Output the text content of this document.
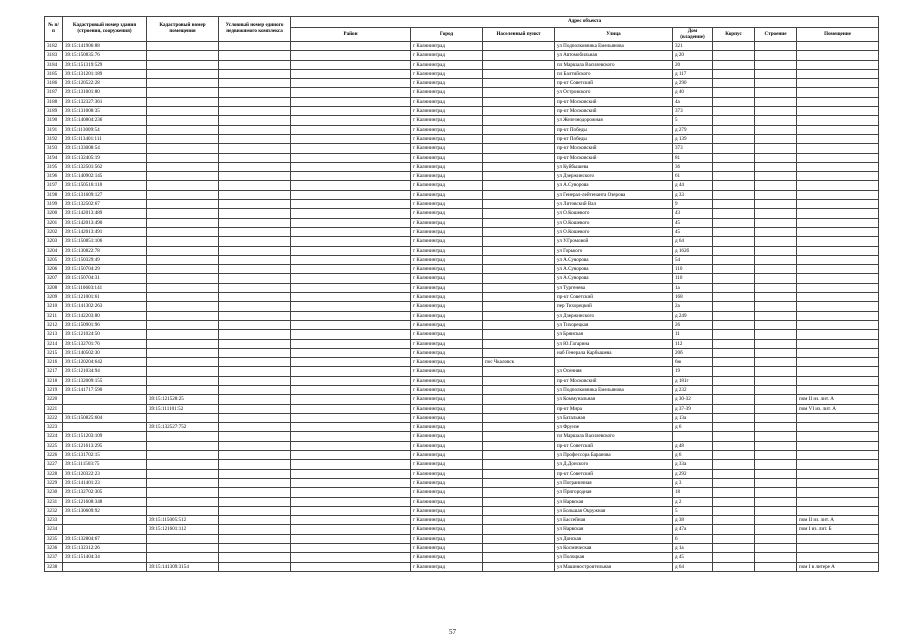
№ п/п	Кадастровый номер здания (строения, сооружения)	Кадастровый номер помещения	Условный номер единого недвижимого комплекса	Адрес объекта							
				Район	Город	Населенный пункт	Улица	Дом (владение)	Корпус	Строение	Помещение
3182	39:15:141906:88				г Калининград		ул Подполковника Емельянова	321			
3183	39:15:150835:76				г Калининград		ул Автомобильная	д 20			
3184	39:15:151319:529				г Калининград		пл Маршала Василевского	20			
3185	39:15:131201:189				г Калининград		пл Балтийского	д 117			
3186	39:15:120522:28				г Калининград		пр-кт Советский	д 290			
3187	39:15:131001:80				г Калининград		ул Островского	д 40			
3188	39:15:132327:361				г Калининград		пр-кт Московский	4а			
3189	39:15:131008:35				г Калининград		пр-кт Московский	373			
3190	39:15:140804:236				г Калининград		ул Железнодорожная	5			
3191	39:15:113009:54				г Калининград		пр-кт Победы	д 279			
3192	39:15:113401:111				г Калининград		пр-кт Победы	д 139			
3193	39:15:133008:54				г Калининград		пр-кт Московский	373			
3194	39:15:132405:19				г Калининград		пр-кт Московский	81			
3195	39:15:132501:562				г Калининград		ул Куйбышева	36			
3196	39:15:140902:145				г Калининград		ул Дзержинского	61			
3197	39:15:150516:118				г Калининград		ул А.Суворова	д 44			
3198	39:15:131609:127				г Калининград		ул Генерал-лейтенанта Озерова	д 33			
3199	39:15:132502:67				г Калининград		ул Литовский Вал	9			
3200	39:15:142013:489				г Калининград		ул О.Кошевого	43			
3201	39:15:142013:490				г Калининград		ул О.Кошевого	45			
3202	39:15:142013:491				г Калининград		ул О.Кошевого	45			
3203	39:15:150851:106				г Калининград		ул У.Громовой	д 64			
3204	39:15:130822:78				г Калининград		ул Горького	д 162б			
3205	39:15:150329:49				г Калининград		ул А.Суворова	54			
3206	39:15:150704:29				г Калининград		ул А.Суворова	110			
3207	39:15:150704:31				г Калининград		ул А.Суворова	110			
3208	39:15:110603:141				г Калининград		ул Тургенева	1а			
3209	39:15:121001:61				г Калининград		пр-кт Советский	168			
3210	39:15:141302:263				г Калининград		пер Тихорецкий	2а			
3211	39:15:142203:80				г Калининград		ул Дзержинского	д 249			
3212	39:15:150901:96				г Калининград		ул Тихорецкая	26			
3213	39:15:121024:50				г Калининград		ул Брянская	11			
3214	39:15:132701:76				г Калининград		ул Ю.Гагарина	112			
3215	39:15:140502:30				г Калининград		наб Генерала Карбышева	20б			
3216	39:15:120204:642				г Калининград	пос Чкаловск		6ю			
3217	39:15:121034:94				г Калининград		ул Осенняя	19			
3218	39:15:132009:155				г Калининград		пр-кт Московский	д 181г			
3219	39:15:141717:590				г Калининград		ул Подполковника Емельянова	д 232			
3220		39:15:121528:25			г Калининград		ул Коммунальная	д 30-32			пом II из. лит. А
3221		39:15:111101:52			г Калининград		пр-кт Мира	д 37-39			пом VI из. лит. А
3222	39:15:150825:604				г Калининград		ул Батальная	д 13а			
3223		39:15:132527:752			г Калининград		ул Фрунзе	д 6			
3224	39:15:151203:109				г Калининград		пл Маршала Василевского				
3225	39:15:121613:295				г Калининград		пр-кт Советский	д 48			
3226	39:15:131702:15				г Калининград		ул Профессора Баранова	д 6			
3227	39:15:111503:75				г Калининград		ул Д.Донского	д 33а			
3228	39:15:120322:23				г Калининград		пр-кт Советский	д 292			
3229	39:15:141401:23				г Калининград		ул Пограничная	д 3			
3230	39:15:132702:305				г Калининград		ул Пригородная	18			
3231	39:15:121608:348				г Калининград		ул Нарвская	д 2			
3232	39:15:130609:92				г Калининград		ул Большая Окружная	5			
3233		39:15:115005:512			г Калининград		ул Бассейная	д 38			пом II из. лит. А
3234		39:15:121601:112			г Калининград		ул Нарвская	д 47а			пом I из. лит. Б
3235	39:15:132804:67				г Калининград		ул Донская	6			
3236	39:15:132312:26				г Калининград		ул Космическая	д 1а			
3237	39:15:151404:34				г Калининград		ул Полоцкая	д 45			
3238		39:15:141309:3154			г Калининград		ул Машиностроительная	д 64			пом I в литере А
57
